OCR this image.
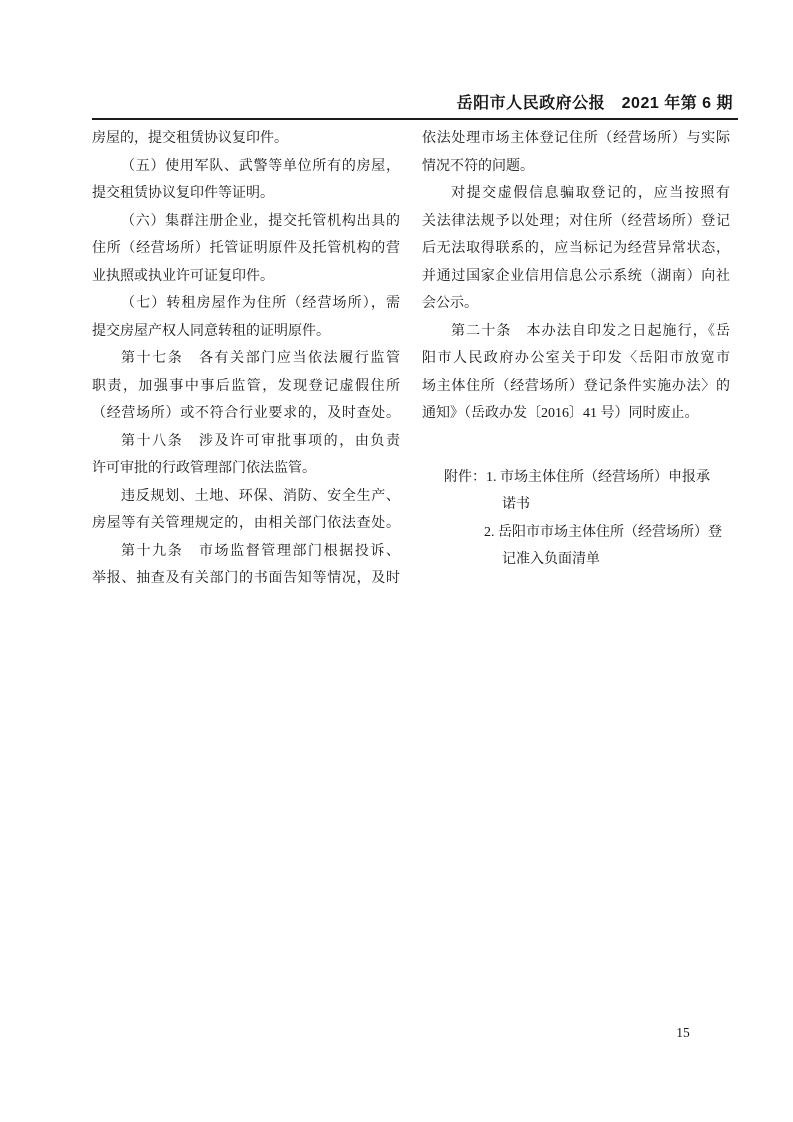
岳阳市人民政府公报　2021 年第 6 期
房屋的，提交租赁协议复印件。
（五）使用军队、武警等单位所有的房屋，
提交租赁协议复印件等证明。
（六）集群注册企业，提交托管机构出具的
住所（经营场所）托管证明原件及托管机构的营
业执照或执业许可证复印件。
（七）转租房屋作为住所（经营场所），需
提交房屋产权人同意转租的证明原件。
第十七条　各有关部门应当依法履行监管
职责，加强事中事后监管，发现登记虚假住所
（经营场所）或不符合行业要求的，及时查处。
第十八条　涉及许可审批事项的，由负责
许可审批的行政管理部门依法监管。
违反规划、土地、环保、消防、安全生产、
房屋等有关管理规定的，由相关部门依法查处。
第十九条　市场监督管理部门根据投诉、
举报、抽查及有关部门的书面告知等情况，及时
依法处理市场主体登记住所（经营场所）与实际
情况不符的问题。
对提交虚假信息骗取登记的，应当按照有
关法律法规予以处理；对住所（经营场所）登记
后无法取得联系的，应当标记为经营异常状态，
并通过国家企业信用信息公示系统（湖南）向社
会公示。
第二十条　本办法自印发之日起施行，《岳
阳市人民政府办公室关于印发〈岳阳市放宽市
场主体住所（经营场所）登记条件实施办法〉的
通知》（岳政办发〔2016〕41 号）同时废止。
附件：1. 市场主体住所（经营场所）申报承
诺书
2. 岳阳市市场主体住所（经营场所）登
记准入负面清单
15
